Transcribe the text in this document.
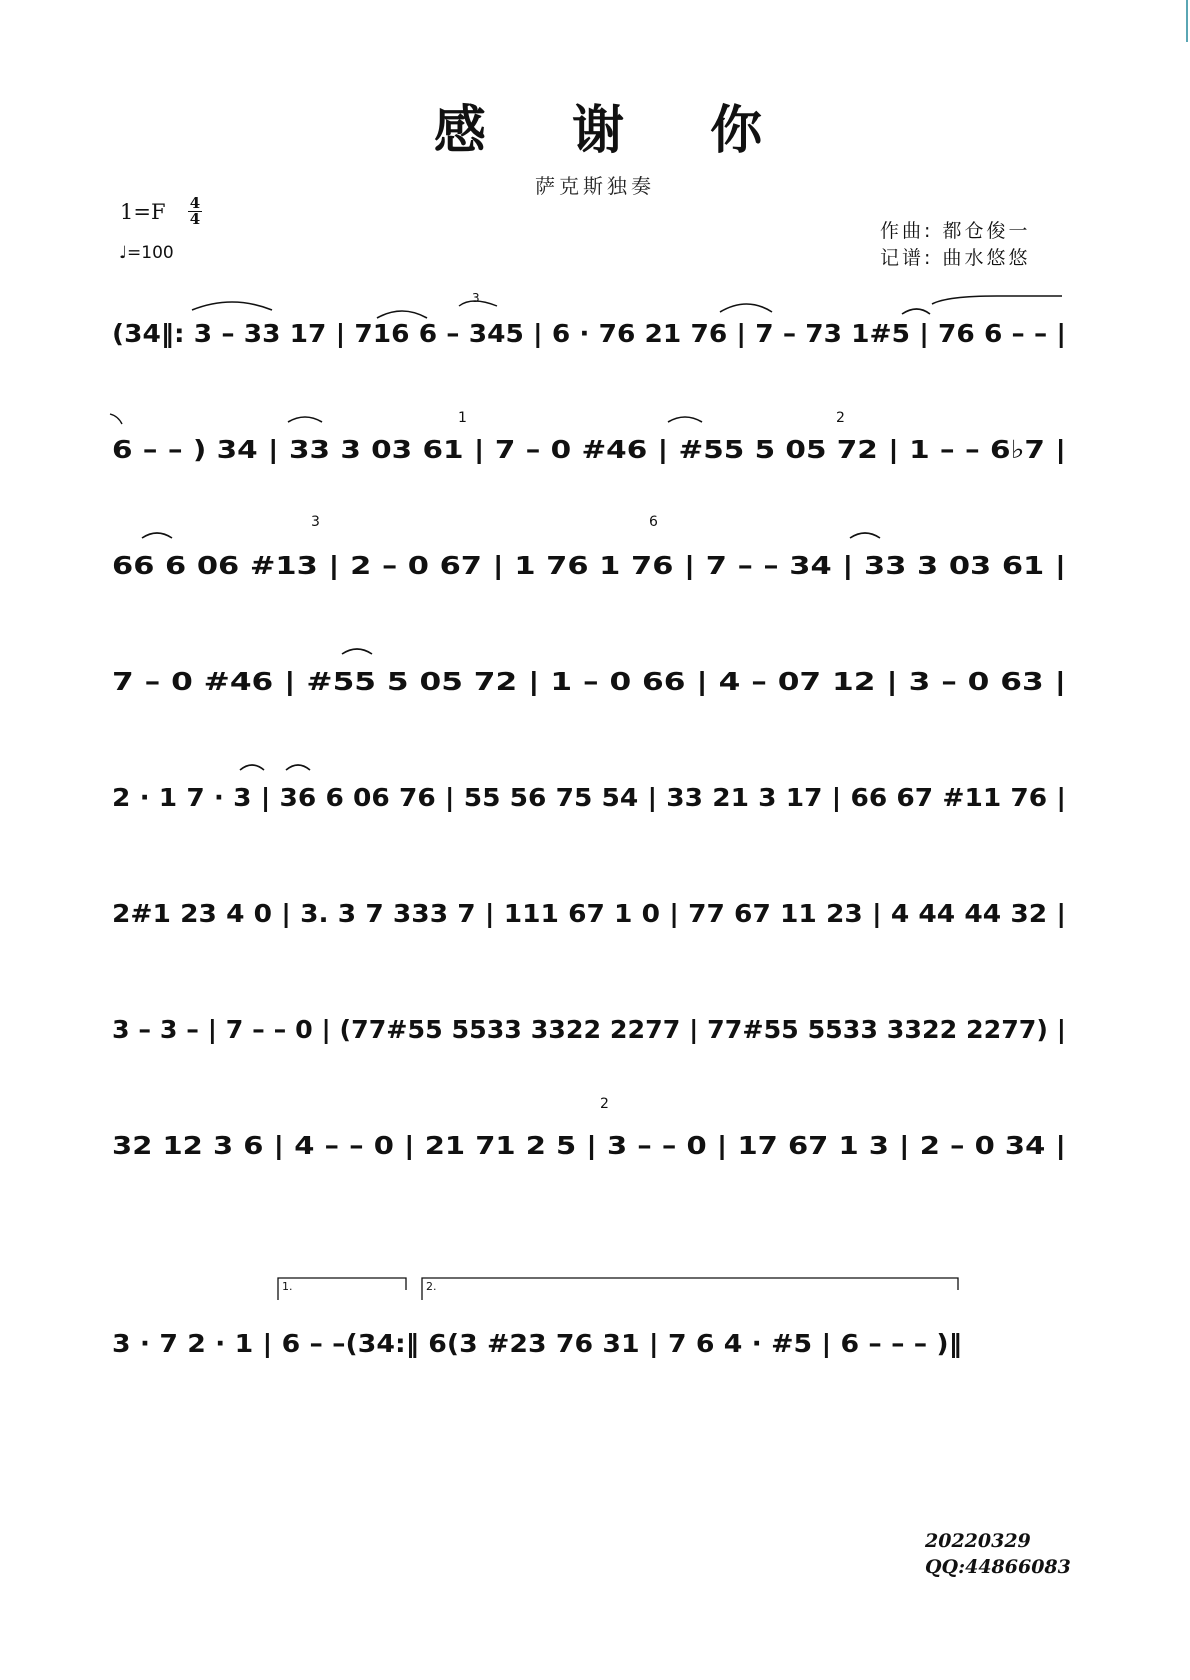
感 谢 你
萨克斯独奏
$1=F \frac{4}{4}$
♩=100
作曲: 都仓俊一
记谱: 曲水悠悠
(34‖: 3 – 33 17 | 716 6 – 345 | 6 · 76 21 76 | 7 – 73 1#5 | 76 6 – – |
3
6 – – ) 34 | 33 3 03 61 | 7 – 0 #46 | #55 5 05 72 | 1 – – 6♭7 |
1	2
66 6 06 #13 | 2 – 0 67 | 1 76 1 76 | 7 – – 34 | 33 3 03 61 |
3	6
7 – 0 #46 | #55 5 05 72 | 1 – 0 66 | 4 – 07 12 | 3 – 0 63 |
2 · 1 7 · 3 | 36 6 06 76 | 55 56 75 54 | 33 21 3 17 | 66 67 #11 76 |
2#1 23 4 0 | 3. 3 7 333 7 | 111 67 1 0 | 77 67 11 23 | 4 44 44 32 |
3 – 3 – | 7 – – 0 | (77#55 5533 3322 2277 | 77#55 5533 3322 2277) |
32 12 3 6 | 4 – – 0 | 21 71 2 5 | 3 – – 0 | 17 67 1 3 | 2 – 0 34 |
2
1.	2.
3 · 7 2 · 1 | 6 – –(34:‖ 6(3 #23 76 31 | 7 6 4 · #5 | 6 – – – )‖
20220329
QQ:44866083
